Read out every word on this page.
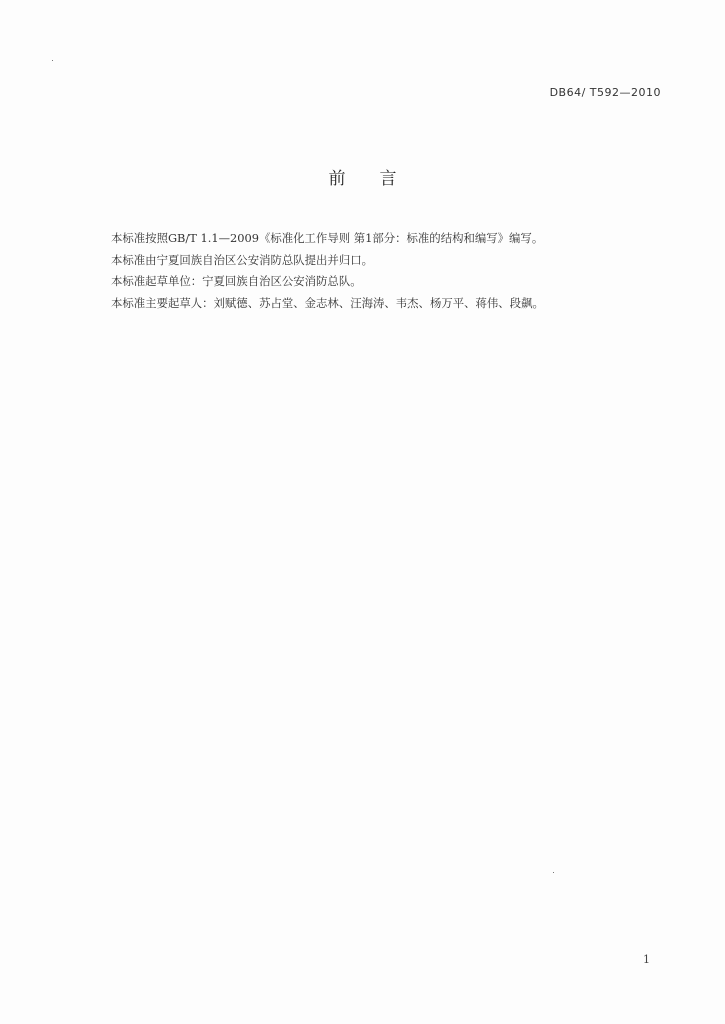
DB64/ T592—2010
前　　言

本标准按照GB/T 1.1—2009《标准化工作导则 第1部分：标准的结构和编写》编写。

本标准由宁夏回族自治区公安消防总队提出并归口。

本标准起草单位：宁夏回族自治区公安消防总队。

本标准主要起草人：刘赋德、苏占堂、金志林、汪海涛、韦杰、杨万平、蒋伟、段飙。

1
